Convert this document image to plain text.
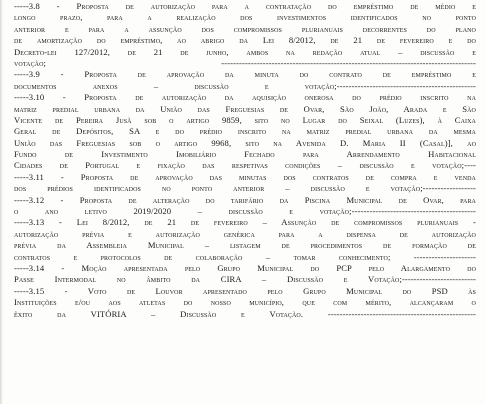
-----3.8 - Proposta de autorização para a contratação do empréstimo de médio e
longo prazo, para a realização dos investimentos identificados no ponto
anterior e para a assunção dos compromissos plurianuais decorrentes do plano
de amortização do empréstimo, ao abrigo da Lei 8/2012, de 21 de fevereiro e do
Decreto-lei 127/2012, de 21 de junho, ambos na redação atual – discussão e
votação; --------------------------------------------------------------------------------------
-----3.9 - Proposta de aprovação da minuta do contrato de empréstimo e
documentos anexos – discussão e votação;-----------------------------------------------
-----3.10 - Proposta de autorização da aquisição onerosa do prédio inscrito na
matriz predial urbana da União das Freguesias de Ovar, São João, Arada e São
Vicente de Pereira Jusã sob o artigo 9859, sito no Lugar do Seixal (Luzes), à Caixa
Geral de Depósitos, SA e do prédio inscrito na matriz predial urbana da mesma
União das Freguesias sob o artigo 9968, sito na Avenida D. Maria II (Casal)], ao
Fundo de Investimento Imobiliário Fechado para Arrendamento Habitacional
Cidades de Portugal e fixação das respetivas condições – discussão e votação;----
-----3.11 - Proposta de aprovação das minutas dos contratos de compra e venda
dos prédios identificados no ponto anterior – discussão e votação;------------------
-----3.12 - Proposta de alteração do tarifário da Piscina Municipal de Ovar, para
o ano letivo 2019/2020 – discussão e votação;------------------------------------------
-----3.13 - Lei 8/2012, de 21 de fevereiro – Assunção de compromissos plurianuais -
autorização prévia e autorização genérica para a dispensa de autorização
prévia da Assembleia Municipal – listagem de procedimentos de formação de
contratos e protocolos de colaboração – tomar conhecimento; ---------------------
-----3.14 - Moção apresentada pelo Grupo Municipal do PCP pelo Alargamento do
Passe Intermodal no âmbito da CIRA – Discussão e Votação;-------------------------
-----3.15 - Voto de Louvor apresentado pelo Grupo Municipal do PSD às
Instituições e/ou aos atletas do nosso município, que com mérito, alcançaram o
êxito da VITÓRIA – Discussão e Votação. --------------------------------------------------
